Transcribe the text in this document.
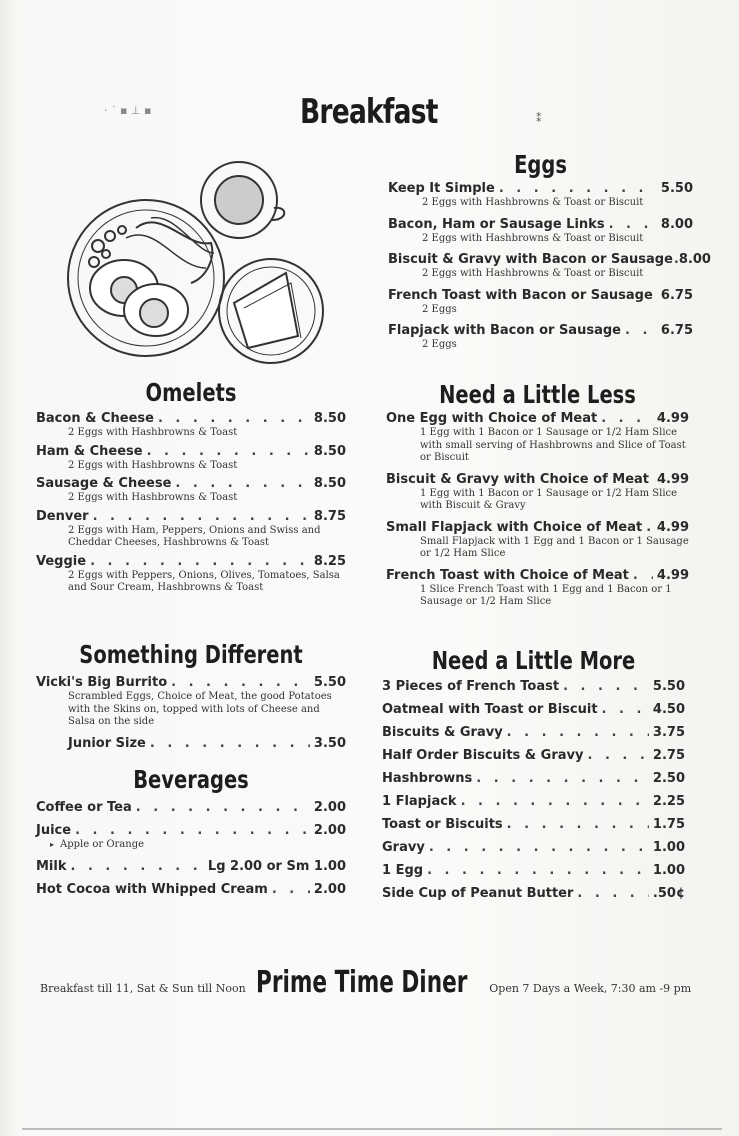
· ˙ ▪ ⊥ ▪	Breakfast	⁑
Omelets
Bacon & Cheese . . .	8.50
2 Eggs with Hashbrowns & Toast
Ham & Cheese . . .	8.50
2 Eggs with Hashbrowns & Toast
Sausage & Cheese . . .	8.50
2 Eggs with Hashbrowns & Toast
Denver . . .	8.75
2 Eggs with Ham, Peppers, Onions and Swiss and Cheddar Cheeses, Hashbrowns & Toast
Veggie . . .	8.25
2 Eggs with Peppers, Onions, Olives, Tomatoes, Salsa and Sour Cream, Hashbrowns & Toast
Something Different
Vicki's Big Burrito . . .	5.50
Scrambled Eggs, Choice of Meat, the good Potatoes with the Skins on, topped with lots of Cheese and Salsa on the side
Junior Size . . .	3.50
Beverages
Coffee or Tea . . .	2.00
Juice . . .	2.00
▸ Apple or Orange
Milk . . .	Lg 2.00 or Sm 1.00
Hot Cocoa with Whipped Cream . . .	2.00
Eggs
Keep It Simple . . .	5.50
2 Eggs with Hashbrowns & Toast or Biscuit
Bacon, Ham or Sausage Links . . .	8.00
2 Eggs with Hashbrowns & Toast or Biscuit
Biscuit & Gravy with Bacon or Sausage . . . 8.00
2 Eggs with Hashbrowns & Toast or Biscuit
French Toast with Bacon or Sausage . . . 6.75
2 Eggs
Flapjack with Bacon or Sausage . . .	6.75
2 Eggs
Need a Little Less
One Egg with Choice of Meat . . .	4.99
1 Egg with 1 Bacon or 1 Sausage or 1/2 Ham Slice with small serving of Hashbrowns and Slice of Toast or Biscuit
Biscuit & Gravy with Choice of Meat 4.99
1 Egg with 1 Bacon or 1 Sausage or 1/2 Ham Slice with Biscuit & Gravy
Small Flapjack with Choice of Meat . . . 4.99
Small Flapjack with 1 Egg and 1 Bacon or 1 Sausage or 1/2 Ham Slice
French Toast with Choice of Meat . . . 4.99
1 Slice French Toast with 1 Egg and 1 Bacon or 1 Sausage or 1/2 Ham Slice
Need a Little More
3 Pieces of French Toast . . .	5.50
Oatmeal with Toast or Biscuit . . .	4.50
Biscuits & Gravy . . .	3.75
Half Order Biscuits & Gravy . . .	2.75
Hashbrowns . . .	2.50
1 Flapjack . . .	2.25
Toast or Biscuits . . .	1.75
Gravy . . .	1.00
1 Egg . . .	1.00
Side Cup of Peanut Butter . . .	.50¢
Breakfast till 11, Sat & Sun till Noon Prime Time Diner Open 7 Days a Week, 7:30 am -9 pm
